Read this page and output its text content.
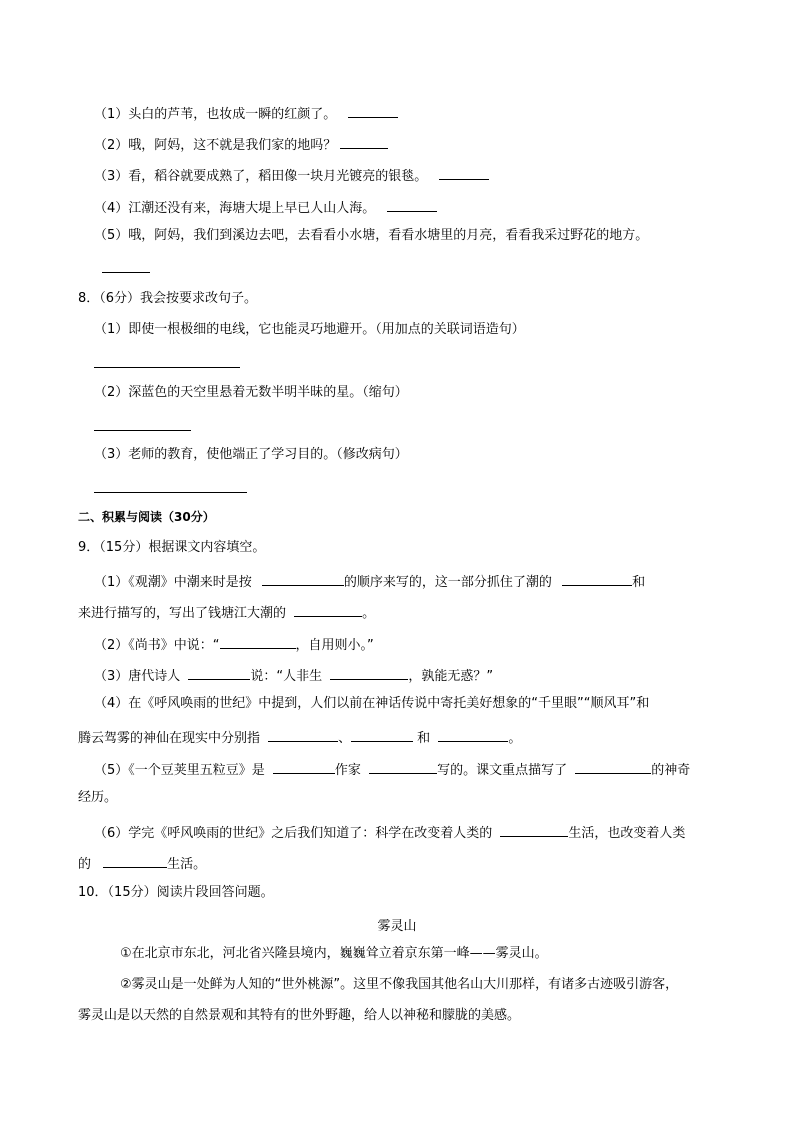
（1）头白的芦苇，也妆成一瞬的红颜了。
（2）哦，阿妈，这不就是我们家的地吗？
（3）看，稻谷就要成熟了，稻田像一块月光镀亮的银毯。
（4）江潮还没有来，海塘大堤上早已人山人海。
（5）哦，阿妈，我们到溪边去吧，去看看小水塘，看看水塘里的月亮，看看我采过野花的地方。
8．（6分）我会按要求改句子。
（1）即使一根极细的电线，它也能灵巧地避开。（用加点的关联词语造句）
（2）深蓝色的天空里悬着无数半明半昧的星。（缩句）
（3）老师的教育，使他端正了学习目的。（修改病句）
二、积累与阅读（30分）
9．（15分）根据课文内容填空。
（1）《观潮》中潮来时是按	的顺序来写的，这一部分抓住了潮的	和
来进行描写的，写出了钱塘江大潮的	。
（2）《尚书》中说：“	，自用则小。”
（3）唐代诗人	说：“人非生	，孰能无惑？”
（4）在《呼风唤雨的世纪》中提到，人们以前在神话传说中寄托美好想象的“千里眼”“顺风耳”和
腾云驾雾的神仙在现实中分别指	、	和	。
（5）《一个豆荚里五粒豆》是	作家	写的。课文重点描写了	的神奇
经历。
（6）学完《呼风唤雨的世纪》之后我们知道了：科学在改变着人类的	生活，也改变着人类
的	生活。
10．（15分）阅读片段回答问题。
雾灵山
①在北京市东北，河北省兴隆县境内，巍巍耸立着京东第一峰——雾灵山。
②雾灵山是一处鲜为人知的“世外桃源”。这里不像我国其他名山大川那样，有诸多古迹吸引游客，
雾灵山是以天然的自然景观和其特有的世外野趣，给人以神秘和朦胧的美感。
